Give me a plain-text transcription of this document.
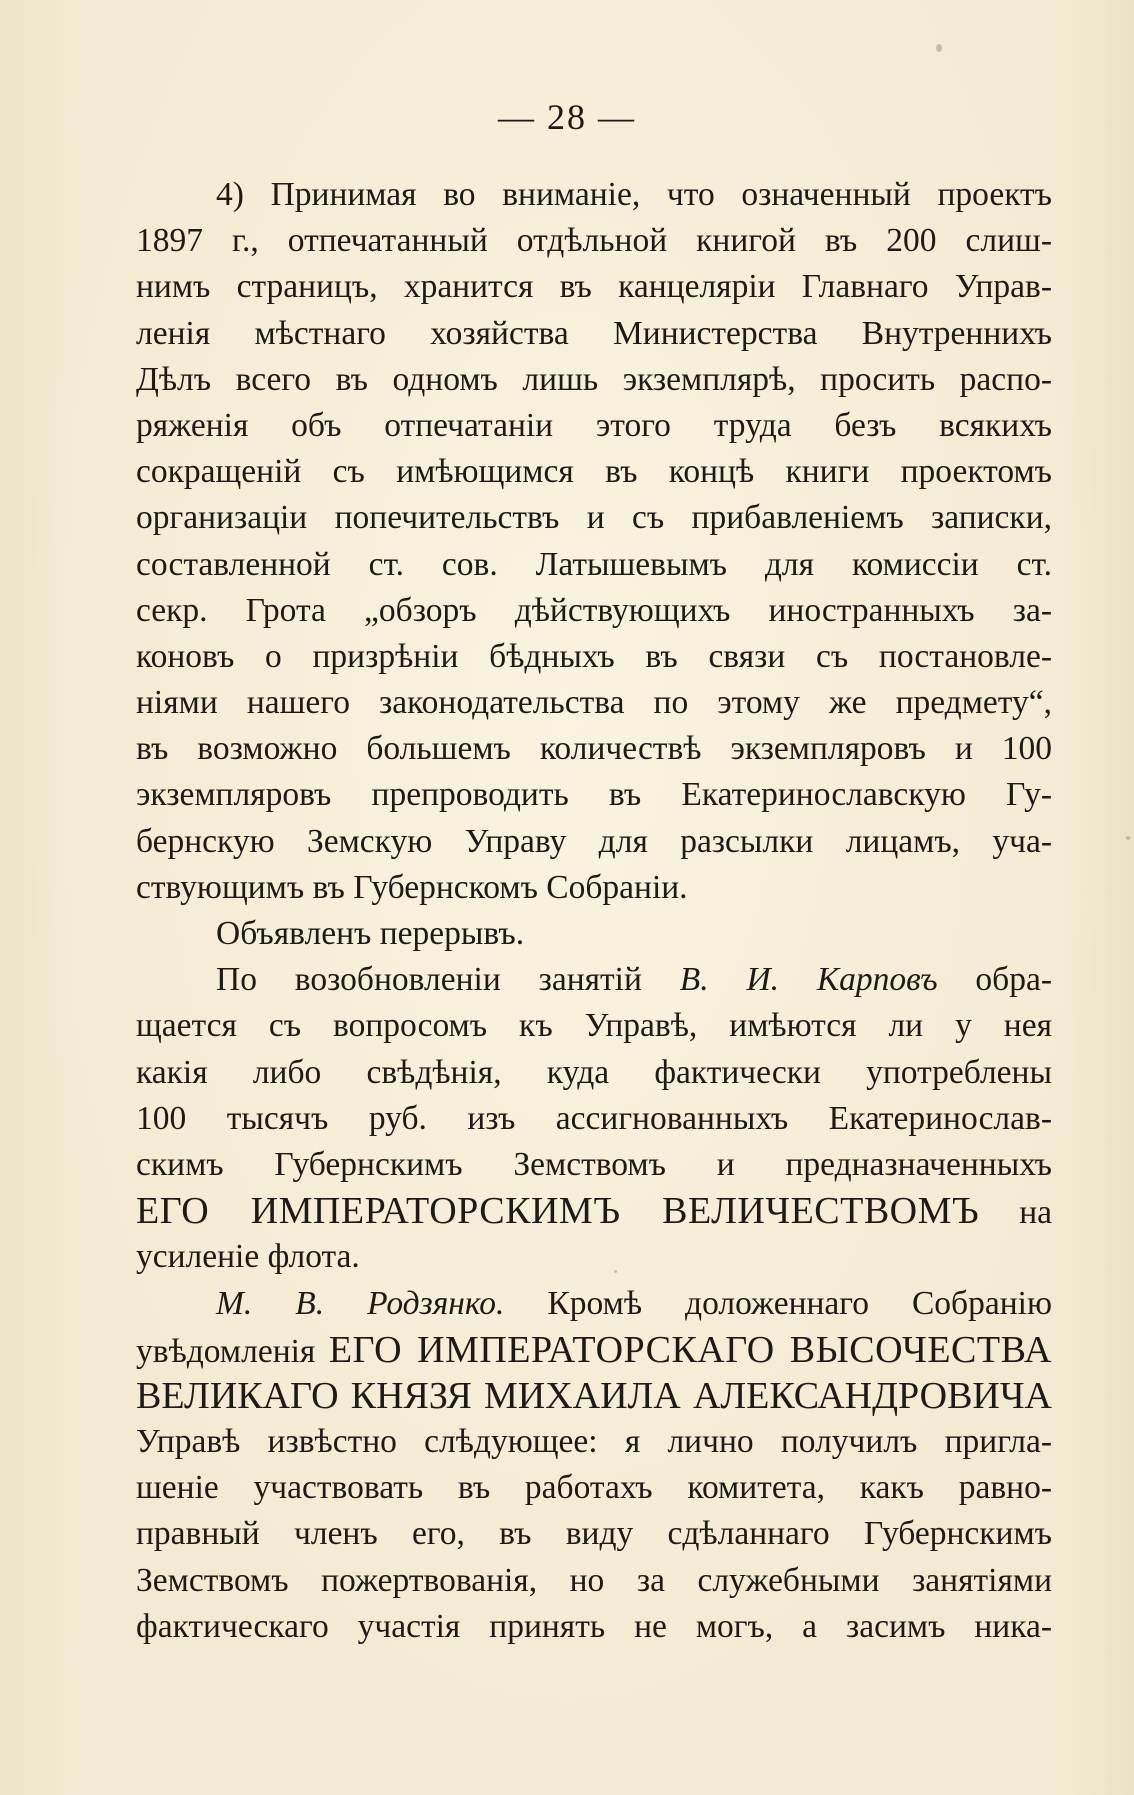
— 28 —
4) Принимая во вниманіе, что означенный проектъ
1897 г., отпечатанный отдѣльной книгой въ 200 слиш-
нимъ страницъ, хранится въ канцеляріи Главнаго Управ-
ленія мѣстнаго хозяйства Министерства Внутреннихъ
Дѣлъ всего въ одномъ лишь экземплярѣ, просить распо-
ряженія объ отпечатаніи этого труда безъ всякихъ
сокращеній съ имѣющимся въ концѣ книги проектомъ
организаціи попечительствъ и съ прибавленіемъ записки,
составленной ст. сов. Латышевымъ для комиссіи ст.
секр. Грота „обзоръ дѣйствующихъ иностранныхъ за-
коновъ о призрѣніи бѣдныхъ въ связи съ постановле-
ніями нашего законодательства по этому же предмету“,
въ возможно большемъ количествѣ экземпляровъ и 100
экземпляровъ препроводить въ Екатеринославскую Гу-
бернскую Земскую Управу для разсылки лицамъ, уча-
ствующимъ въ Губернскомъ Собраніи.
Объявленъ перерывъ.
По возобновленіи занятій В. И. Карповъ обра-
щается съ вопросомъ къ Управѣ, имѣются ли у нея
какія либо свѣдѣнія, куда фактически употреблены
100 тысячъ руб. изъ ассигнованныхъ Екатеринослав-
скимъ Губернскимъ Земствомъ и предназначенныхъ
ЕГО ИМПЕРАТОРСКИМЪ ВЕЛИЧЕСТВОМЪ на
усиленіе флота.
М. В. Родзянко. Кромѣ доложеннаго Собранію
увѣдомленія ЕГО ИМПЕРАТОРСКАГО ВЫСОЧЕСТВА
ВЕЛИКАГО КНЯЗЯ МИХАИЛА АЛЕКСАНДРОВИЧА
Управѣ извѣстно слѣдующее: я лично получилъ пригла-
шеніе участвовать въ работахъ комитета, какъ равно-
правный членъ его, въ виду сдѣланнаго Губернскимъ
Земствомъ пожертвованія, но за служебными занятіями
фактическаго участія принять не могъ, а засимъ ника-
